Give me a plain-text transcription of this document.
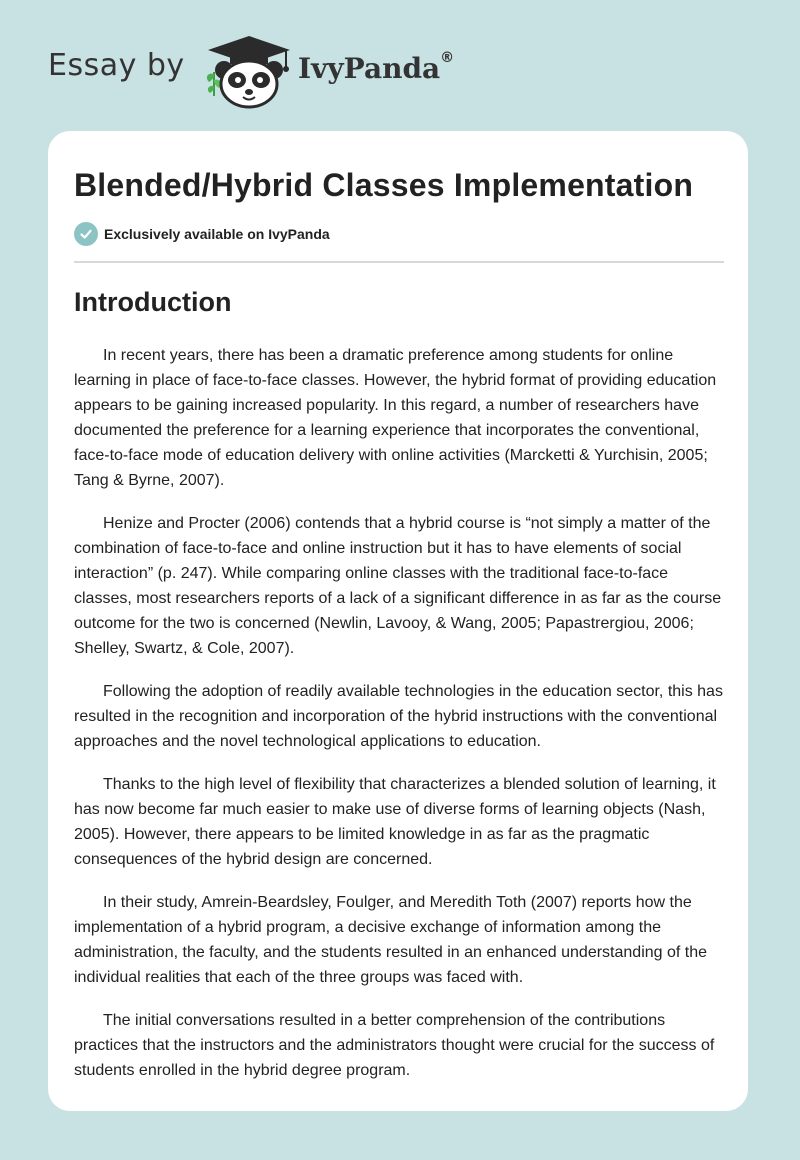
Essay by	IvyPanda®
Blended/Hybrid Classes Implementation
Exclusively available on IvyPanda
Introduction

In recent years, there has been a dramatic preference among students for online learning in place of face-to-face classes. However, the hybrid format of providing education appears to be gaining increased popularity. In this regard, a number of researchers have documented the preference for a learning experience that incorporates the conventional, face-to-face mode of education delivery with online activities (Marcketti & Yurchisin, 2005; Tang & Byrne, 2007).

Henize and Procter (2006) contends that a hybrid course is “not simply a matter of the combination of face-to-face and online instruction but it has to have elements of social interaction” (p. 247). While comparing online classes with the traditional face-to-face classes, most researchers reports of a lack of a significant difference in as far as the course outcome for the two is concerned (Newlin, Lavooy, & Wang, 2005; Papastrergiou, 2006; Shelley, Swartz, & Cole, 2007).

Following the adoption of readily available technologies in the education sector, this has resulted in the recognition and incorporation of the hybrid instructions with the conventional approaches and the novel technological applications to education.

Thanks to the high level of flexibility that characterizes a blended solution of learning, it has now become far much easier to make use of diverse forms of learning objects (Nash, 2005). However, there appears to be limited knowledge in as far as the pragmatic consequences of the hybrid design are concerned.

In their study, Amrein-Beardsley, Foulger, and Meredith Toth (2007) reports how the implementation of a hybrid program, a decisive exchange of information among the administration, the faculty, and the students resulted in an enhanced understanding of the individual realities that each of the three groups was faced with.

The initial conversations resulted in a better comprehension of the contributions practices that the instructors and the administrators thought were crucial for the success of students enrolled in the hybrid degree program.
